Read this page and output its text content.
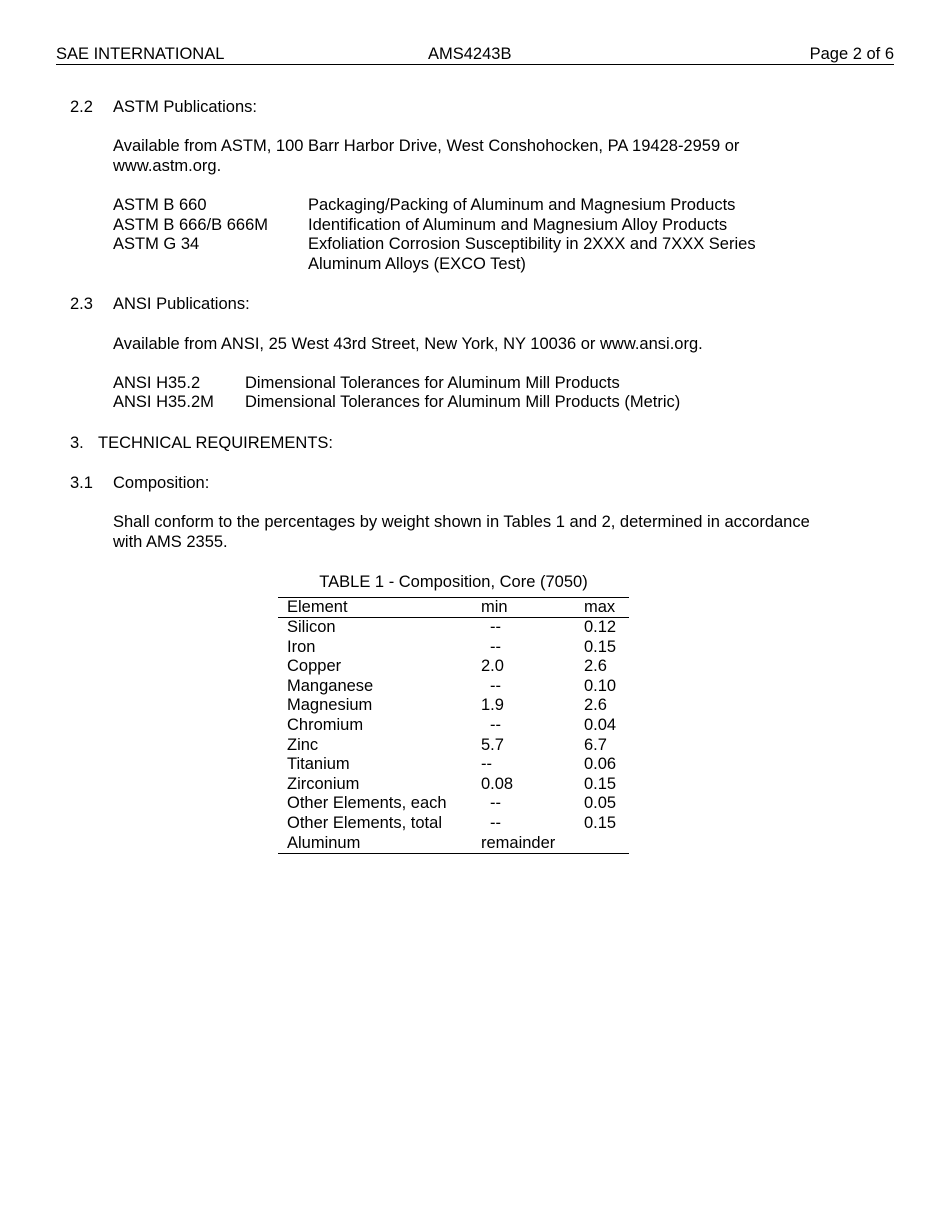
SAE INTERNATIONAL	AMS4243B	Page 2 of 6
2.2 ASTM Publications:
Available from ASTM, 100 Barr Harbor Drive, West Conshohocken, PA 19428-2959 or
www.astm.org.
ASTM B 660	Packaging/Packing of Aluminum and Magnesium Products
ASTM B 666/B 666M Identification of Aluminum and Magnesium Alloy Products
ASTM G 34	Exfoliation Corrosion Susceptibility in 2XXX and 7XXX Series
Aluminum Alloys (EXCO Test)
2.3 ANSI Publications:
Available from ANSI, 25 West 43rd Street, New York, NY 10036 or www.ansi.org.
ANSI H35.2	Dimensional Tolerances for Aluminum Mill Products
ANSI H35.2M Dimensional Tolerances for Aluminum Mill Products (Metric)
3. TECHNICAL REQUIREMENTS:
3.1 Composition:
Shall conform to the percentages by weight shown in Tables 1 and 2, determined in accordance
with AMS 2355.
TABLE 1 - Composition, Core (7050)
Element	min	max
Silicon	--	0.12
Iron	--	0.15
Copper	2.0	2.6
Manganese	--	0.10
Magnesium	1.9	2.6
Chromium	--	0.04
Zinc	5.7	6.7
Titanium	--	0.06
Zirconium	0.08	0.15
Other Elements, each	--	0.05
Other Elements, total	--	0.15
Aluminum	remainder	
